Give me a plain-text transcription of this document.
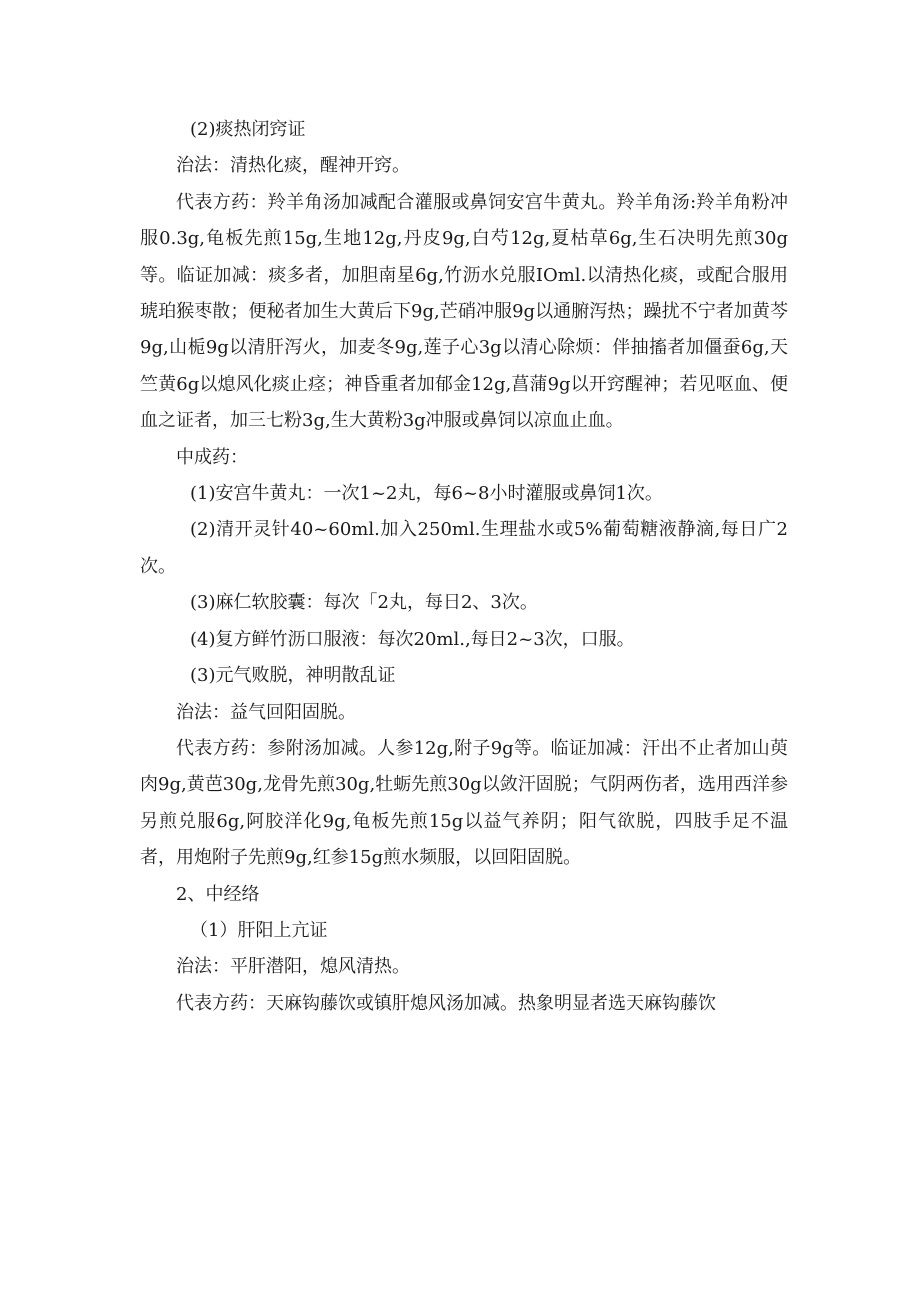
(2)痰热闭窍证

治法：清热化痰，醒神开窍。

代表方药：羚羊角汤加减配合灌服或鼻饲安宫牛黄丸。羚羊角汤:羚羊角粉冲服0.3g,龟板先煎15g,生地12g,丹皮9g,白芍12g,夏枯草6g,生石决明先煎30g等。临证加减：痰多者，加胆南星6g,竹沥水兑服IOml.以清热化痰，或配合服用琥珀猴枣散；便秘者加生大黄后下9g,芒硝冲服9g以通腑泻热；躁扰不宁者加黄芩9g,山栀9g以清肝泻火，加麦冬9g,莲子心3g以清心除烦：伴抽搐者加僵蚕6g,天竺黄6g以熄风化痰止痉；神昏重者加郁金12g,菖蒲9g以开窍醒神；若见呕血、便血之证者，加三七粉3g,生大黄粉3g冲服或鼻饲以凉血止血。

中成药：

(1)安宫牛黄丸：一次1~2丸，每6~8小时灌服或鼻饲1次。

(2)清开灵针40~60ml.加入250ml.生理盐水或5%葡萄糖液静滴,每日广2次。

(3)麻仁软胶囊：每次「2丸，每日2、3次。

(4)复方鲜竹沥口服液：每次20ml.,每日2~3次，口服。

(3)元气败脱，神明散乱证

治法：益气回阳固脱。

代表方药：参附汤加减。人参12g,附子9g等。临证加减：汗出不止者加山萸肉9g,黄芭30g,龙骨先煎30g,牡蛎先煎30g以敛汗固脱；气阴两伤者，选用西洋参另煎兑服6g,阿胶洋化9g,龟板先煎15g以益气养阴；阳气欲脱，四肢手足不温者，用炮附子先煎9g,红参15g煎水频服，以回阳固脱。

2、中经络

（1）肝阳上亢证

治法：平肝潜阳，熄风清热。

代表方药：天麻钩藤饮或镇肝熄风汤加减。热象明显者选天麻钩藤饮
